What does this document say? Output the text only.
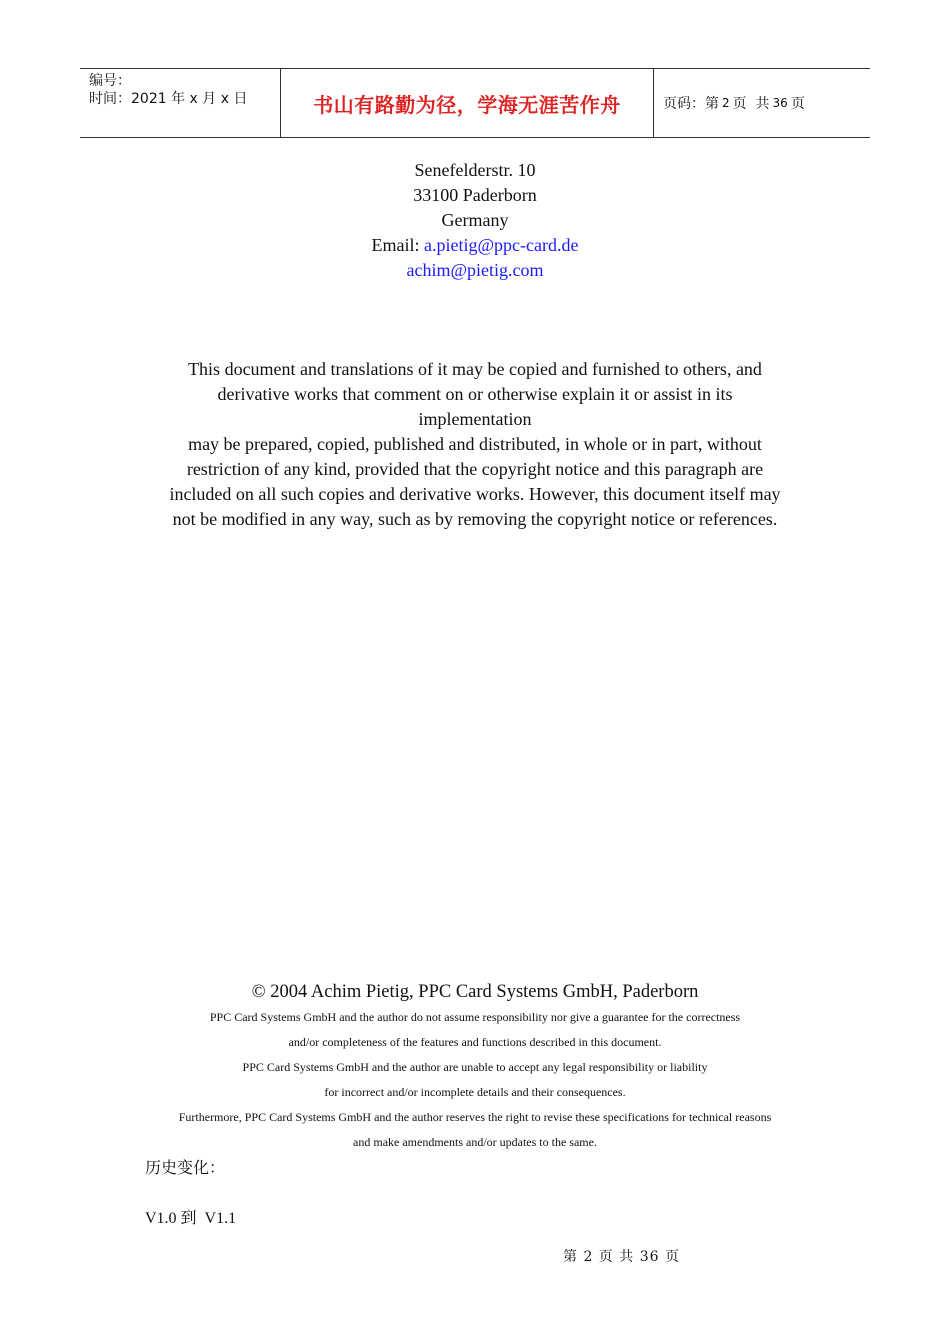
编号：
时间：2021 年 x 月 x 日	书山有路勤为径，学海无涯苦作舟	页码：第 2 页  共 36 页
Senefelderstr. 10
33100 Paderborn
Germany
Email: a.pietig@ppc-card.de
achim@pietig.com
This document and translations of it may be copied and furnished to others, and
derivative works that comment on or otherwise explain it or assist in its
implementation
may be prepared, copied, published and distributed, in whole or in part, without
restriction of any kind, provided that the copyright notice and this paragraph are
included on all such copies and derivative works. However, this document itself may
not be modified in any way, such as by removing the copyright notice or references.
© 2004 Achim Pietig, PPC Card Systems GmbH, Paderborn
PPC Card Systems GmbH and the author do not assume responsibility nor give a guarantee for the correctness
and/or completeness of the features and functions described in this document.
PPC Card Systems GmbH and the author are unable to accept any legal responsibility or liability
for incorrect and/or incomplete details and their consequences.
Furthermore, PPC Card Systems GmbH and the author reserves the right to revise these specifications for technical reasons
and make amendments and/or updates to the same.
历史变化：
V1.0 到  V1.1
第 2 页 共 36 页
